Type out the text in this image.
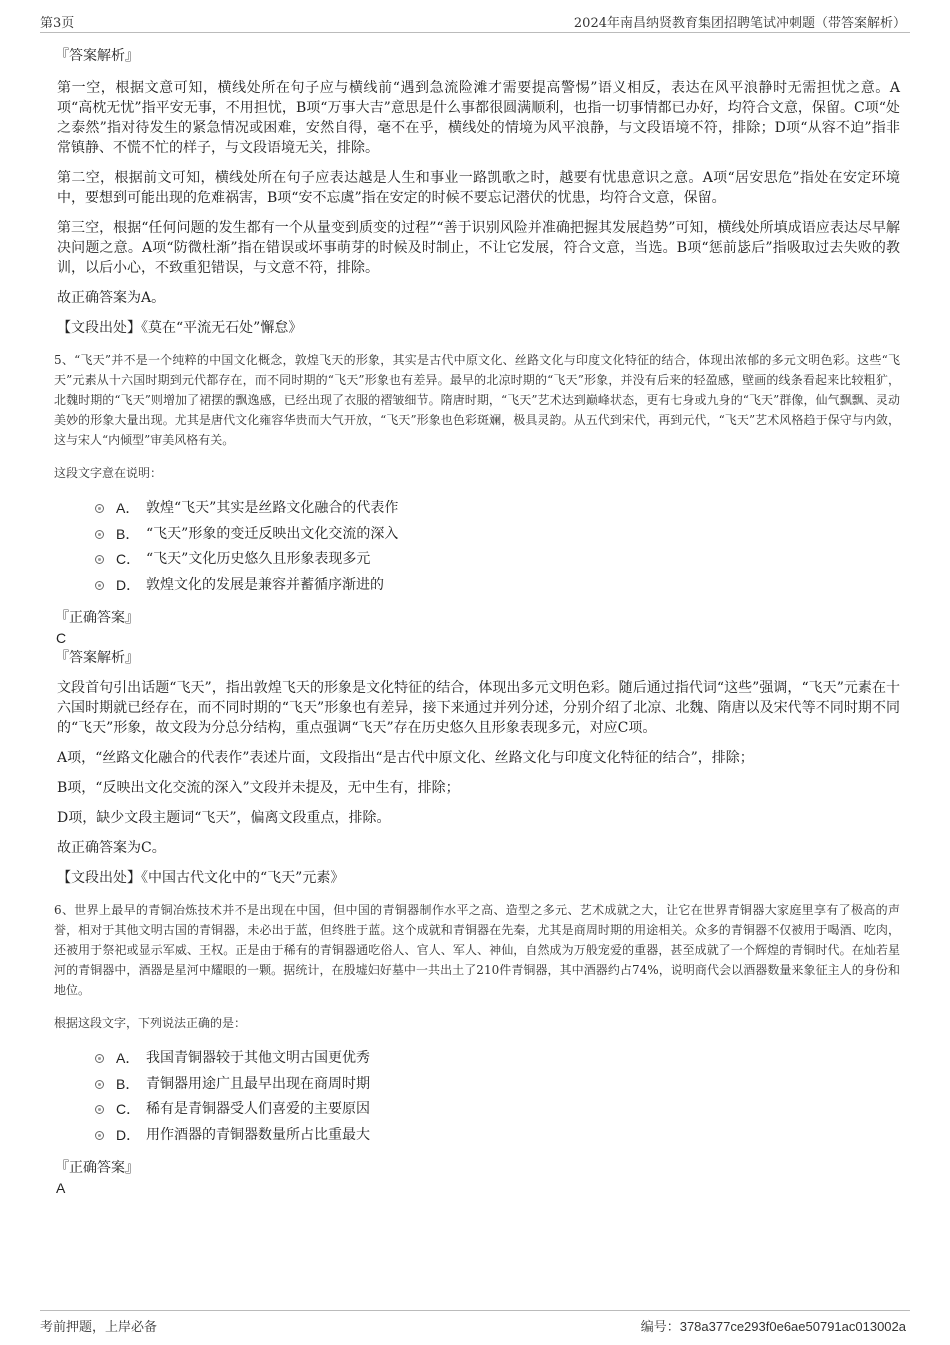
第3页	2024年南昌纳贤教育集团招聘笔试冲刺题（带答案解析）

『答案解析』

第一空，根据文意可知，横线处所在句子应与横线前“遇到急流险滩才需要提高警惕”语义相反，表达在风平浪静时无需担忧之意。A项“高枕无忧”指平安无事，不用担忧，B项“万事大吉”意思是什么事都很圆满顺利，也指一切事情都已办好，均符合文意，保留。C项“处之泰然”指对待发生的紧急情况或困难，安然自得，毫不在乎，横线处的情境为风平浪静，与文段语境不符，排除；D项“从容不迫”指非常镇静、不慌不忙的样子，与文段语境无关，排除。

第二空，根据前文可知，横线处所在句子应表达越是人生和事业一路凯歌之时，越要有忧患意识之意。A项“居安思危”指处在安定环境中，要想到可能出现的危难祸害，B项“安不忘虞”指在安定的时候不要忘记潜伏的忧患，均符合文意，保留。

第三空，根据“任何问题的发生都有一个从量变到质变的过程”“善于识别风险并准确把握其发展趋势”可知，横线处所填成语应表达尽早解决问题之意。A项“防微杜渐”指在错误或坏事萌芽的时候及时制止，不让它发展，符合文意，当选。B项“惩前毖后”指吸取过去失败的教训，以后小心，不致重犯错误，与文意不符，排除。

故正确答案为A。

【文段出处】《莫在“平流无石处”懈怠》

5、“飞天”并不是一个纯粹的中国文化概念，敦煌飞天的形象，其实是古代中原文化、丝路文化与印度文化特征的结合，体现出浓郁的多元文明色彩。这些“飞天”元素从十六国时期到元代都存在，而不同时期的“飞天”形象也有差异。最早的北凉时期的“飞天”形象，并没有后来的轻盈感，壁画的线条看起来比较粗犷，北魏时期的“飞天”则增加了裙摆的飘逸感，已经出现了衣服的褶皱细节。隋唐时期，“飞天”艺术达到巅峰状态，更有七身或九身的“飞天”群像，仙气飘飘、灵动美妙的形象大量出现。尤其是唐代文化雍容华贵而大气开放，“飞天”形象也色彩斑斓，极具灵韵。从五代到宋代，再到元代，“飞天”艺术风格趋于保守与内敛，这与宋人“内倾型”审美风格有关。

这段文字意在说明：

A． 敦煌“飞天”其实是丝路文化融合的代表作
B． “飞天”形象的变迁反映出文化交流的深入
C． “飞天”文化历史悠久且形象表现多元
D． 敦煌文化的发展是兼容并蓄循序渐进的

『正确答案』

C

『答案解析』

文段首句引出话题“飞天”，指出敦煌飞天的形象是文化特征的结合，体现出多元文明色彩。随后通过指代词“这些”强调，“飞天”元素在十六国时期就已经存在，而不同时期的“飞天”形象也有差异，接下来通过并列分述，分别介绍了北凉、北魏、隋唐以及宋代等不同时期不同的“飞天”形象，故文段为分总分结构，重点强调“飞天”存在历史悠久且形象表现多元，对应C项。

A项，“丝路文化融合的代表作”表述片面，文段指出“是古代中原文化、丝路文化与印度文化特征的结合”，排除；

B项，“反映出文化交流的深入”文段并未提及，无中生有，排除；

D项，缺少文段主题词“飞天”，偏离文段重点，排除。

故正确答案为C。

【文段出处】《中国古代文化中的“飞天”元素》

6、世界上最早的青铜冶炼技术并不是出现在中国，但中国的青铜器制作水平之高、造型之多元、艺术成就之大，让它在世界青铜器大家庭里享有了极高的声誉，相对于其他文明古国的青铜器，未必出于蓝，但终胜于蓝。这个成就和青铜器在先秦，尤其是商周时期的用途相关。众多的青铜器不仅被用于喝酒、吃肉，还被用于祭祀或显示军威、王权。正是由于稀有的青铜器通吃俗人、官人、军人、神仙，自然成为万般宠爱的重器，甚至成就了一个辉煌的青铜时代。在灿若星河的青铜器中，酒器是星河中耀眼的一颗。据统计，在殷墟妇好墓中一共出土了210件青铜器，其中酒器约占74%，说明商代会以酒器数量来象征主人的身份和地位。

根据这段文字，下列说法正确的是：

A． 我国青铜器较于其他文明古国更优秀
B． 青铜器用途广且最早出现在商周时期
C． 稀有是青铜器受人们喜爱的主要原因
D． 用作酒器的青铜器数量所占比重最大

『正确答案』

A

考前押题，上岸必备	编号：378a377ce293f0e6ae50791ac013002a
